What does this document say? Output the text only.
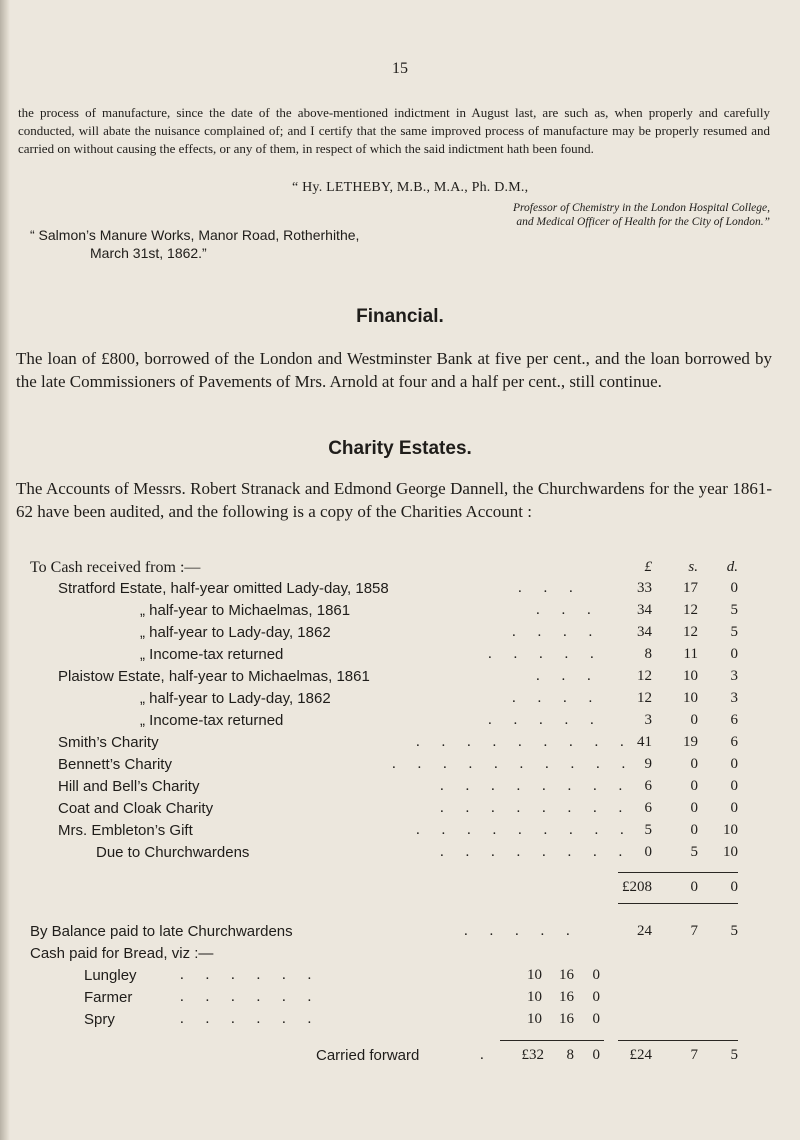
15

the process of manufacture, since the date of the above-mentioned indictment in August last, are such as, when properly and carefully conducted, will abate the nuisance complained of; and I certify that the same improved process of manufacture may be properly resumed and carried on without causing the effects, or any of them, in respect of which the said indictment hath been found.

“ Hy. LETHEBY, M.B., M.A., Ph. D.M.,
Professor of Chemistry in the London Hospital College,
and Medical Officer of Health for the City of London.”
“ Salmon’s Manure Works, Manor Road, Rotherhithe,
March 31st, 1862.”
Financial.

The loan of £800, borrowed of the London and Westminster Bank at five per cent., and the loan borrowed by the late Commissioners of Pavements of Mrs. Arnold at four and a half per cent., still continue.

Charity Estates.

The Accounts of Messrs. Robert Stranack and Edmond George Dannell, the Churchwardens for the year 1861-62 have been audited, and the following is a copy of the Charities Account :

To Cash received from :—	£	s.	d.
Stratford Estate, half-year omitted Lady-day, 1858	. . .	33	17	0
„ half-year to Michaelmas, 1861	. . .	34	12	5
„ half-year to Lady-day, 1862	. . . .	34	12	5
„ Income-tax returned	. . . . .	8	11	0
Plaistow Estate, half-year to Michaelmas, 1861	. . .	12	10	3
„ half-year to Lady-day, 1862	. . . .	12	10	3
„ Income-tax returned	. . . . .	3	0	6
Smith’s Charity	. . . . . . . . . 41	19	6
Bennett’s Charity	. . . . . . . . . . 9	0	0
Hill and Bell’s Charity	. . . . . . . . 6	0	0
Coat and Cloak Charity	. . . . . . . . 6	0	0
Mrs. Embleton’s Gift	. . . . . . . . . 5	0	10
Due to Churchwardens	. . . . . . . . 0	5	10
£208	0	0
By Balance paid to late Churchwardens	. . . . .	24	7	5
Cash paid for Bread, viz :—
Lungley	. . . . . .	10	16	0
Farmer	. . . . . .	10	16	0
Spry	. . . . . .	10	16	0
Carried forward	.	£32	8	0	£24	7	5
